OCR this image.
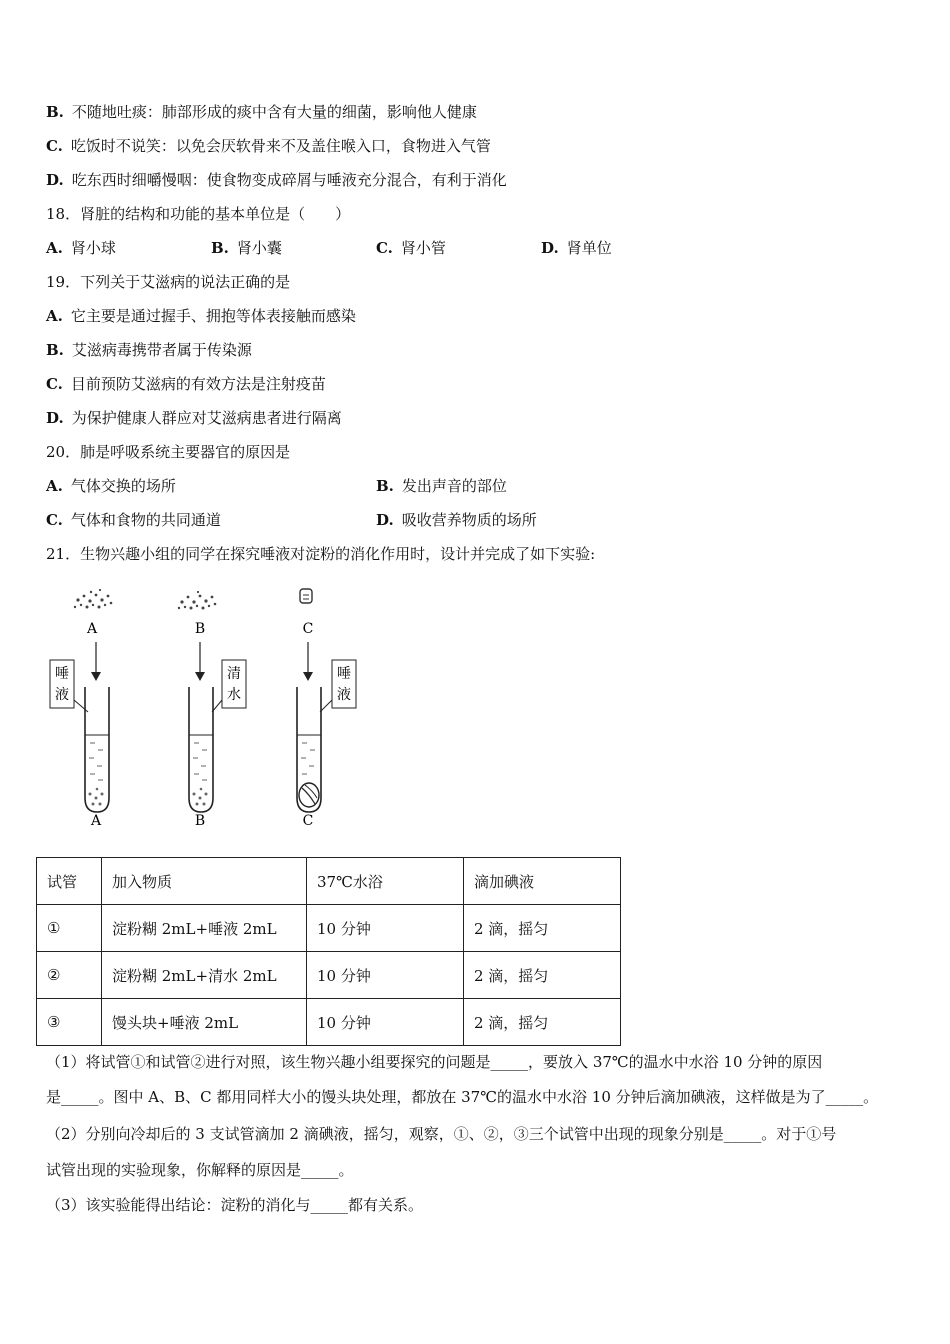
B. 不随地吐痰：肺部形成的痰中含有大量的细菌，影响他人健康
C. 吃饭时不说笑：以免会厌软骨来不及盖住喉入口，食物进入气管
D. 吃东西时细嚼慢咽：使食物变成碎屑与唾液充分混合，有利于消化
18．肾脏的结构和功能的基本单位是（　　）
A. 肾小球	B. 肾小囊	C. 肾小管	D. 肾单位
19．下列关于艾滋病的说法正确的是
A. 它主要是通过握手、拥抱等体表接触而感染
B. 艾滋病毒携带者属于传染源
C. 目前预防艾滋病的有效方法是注射疫苗
D. 为保护健康人群应对艾滋病患者进行隔离
20．肺是呼吸系统主要器官的原因是
A. 气体交换的场所	B. 发出声音的部位
C. 气体和食物的共同通道	D. 吸收营养物质的场所
21．生物兴趣小组的同学在探究唾液对淀粉的消化作用时，设计并完成了如下实验:
A
唾
液
A
B
清
水
B
C
唾
液
C
试管	加入物质	37℃水浴	滴加碘液
①	淀粉糊 2mL+唾液 2mL	10 分钟	2 滴，摇匀
②	淀粉糊 2mL+清水 2mL	10 分钟	2 滴，摇匀
③	馒头块+唾液 2mL	10 分钟	2 滴，摇匀
（1）将试管①和试管②进行对照，该生物兴趣小组要探究的问题是_____，要放入 37℃的温水中水浴 10 分钟的原因
是_____。图中 A、B、C 都用同样大小的馒头块处理，都放在 37℃的温水中水浴 10 分钟后滴加碘液，这样做是为了_____。
（2）分别向冷却后的 3 支试管滴加 2 滴碘液，摇匀，观察，①、②，③三个试管中出现的现象分别是_____。对于①号
试管出现的实验现象，你解释的原因是_____。
（3）该实验能得出结论：淀粉的消化与_____都有关系。
